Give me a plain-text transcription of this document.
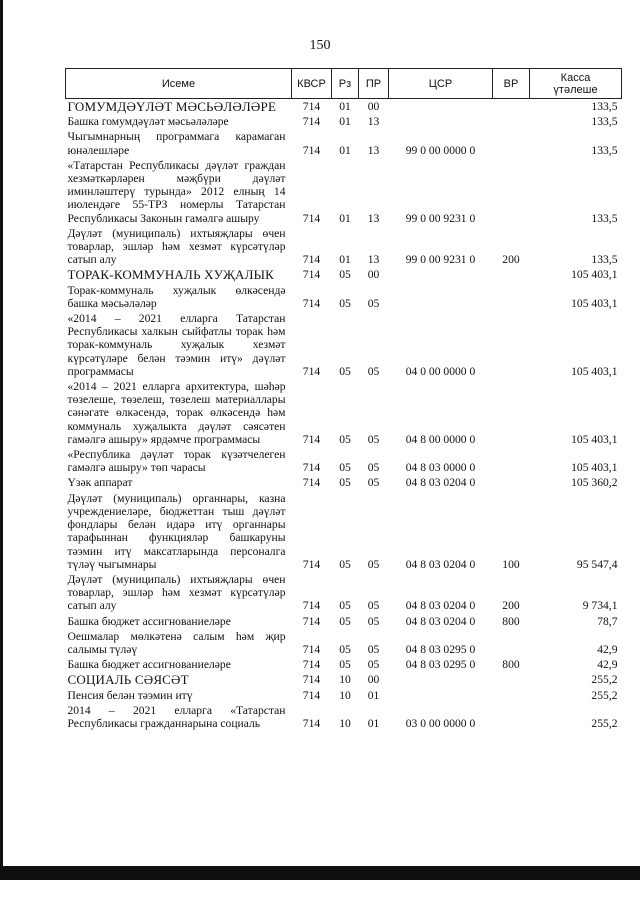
150
Исеме	КВСР	Рз	ПР	ЦСР	ВР	Касса
үтәлеше

ГОМУМДӘҮЛӘТ МӘСЬӘЛӘЛӘРЕ	714	01	00			133,5
Башка гомумдәүләт мәсьәләләре	714	01	13			133,5
Чыгымнарның программага карамаган юнәлешләре	714	01	13	99 0 00 0000 0		133,5
«Татарстан Республикасы дәүләт граждан хезмәткәрләрен мәҗбүри дәүләт иминләштерү турында» 2012 елның 14 июлендәге 55-ТРЗ номерлы Татарстан Республикасы Законын гамәлгә ашыру	714	01	13	99 0 00 9231 0		133,5
Дәүләт (муниципаль) ихтыяҗлары өчен товарлар, эшләр һәм хезмәт күрсәтүләр сатып алу	714	01	13	99 0 00 9231 0	200	133,5
ТОРАК-КОММУНАЛЬ ХУҖАЛЫК	714	05	00			105 403,1
Торак-коммуналь хуҗалык өлкәсендә башка мәсьәләләр	714	05	05			105 403,1
«2014 – 2021 елларга Татарстан Республикасы халкын сыйфатлы торак һәм торак-коммуналь хуҗалык хезмәт күрсәтүләре белән тәэмин итү» дәүләт программасы	714	05	05	04 0 00 0000 0		105 403,1
«2014 – 2021 елларга архитектура, шәһәр төзелеше, төзелеш, төзелеш материаллары сәнәгате өлкәсендә, торак өлкәсендә һәм коммуналь хуҗалыкта дәүләт сәясәтен гамәлгә ашыру» ярдәмче программасы	714	05	05	04 8 00 0000 0		105 403,1
«Республика дәүләт торак күзәтчелеген гамәлгә ашыру» төп чарасы	714	05	05	04 8 03 0000 0		105 403,1
Үзәк аппарат	714	05	05	04 8 03 0204 0		105 360,2
Дәүләт (муниципаль) органнары, казна учреждениеләре, бюджеттан тыш дәүләт фондлары белән идарә итү органнары тарафыннан функцияләр башкаруны тәэмин итү максатларында персоналга түләү чыгымнары	714	05	05	04 8 03 0204 0	100	95 547,4
Дәүләт (муниципаль) ихтыяҗлары өчен товарлар, эшләр һәм хезмәт күрсәтүләр сатып алу	714	05	05	04 8 03 0204 0	200	9 734,1
Башка бюджет ассигнованиеләре	714	05	05	04 8 03 0204 0	800	78,7
Оешмалар мөлкәтенә салым һәм җир салымы түләү	714	05	05	04 8 03 0295 0		42,9
Башка бюджет ассигнованиеләре	714	05	05	04 8 03 0295 0	800	42,9
СОЦИАЛЬ СӘЯСӘТ	714	10	00			255,2
Пенсия белән тәэмин итү	714	10	01			255,2
2014 – 2021 елларга «Татарстан Республикасы гражданнарына социаль	714	10	01	03 0 00 0000 0		255,2
